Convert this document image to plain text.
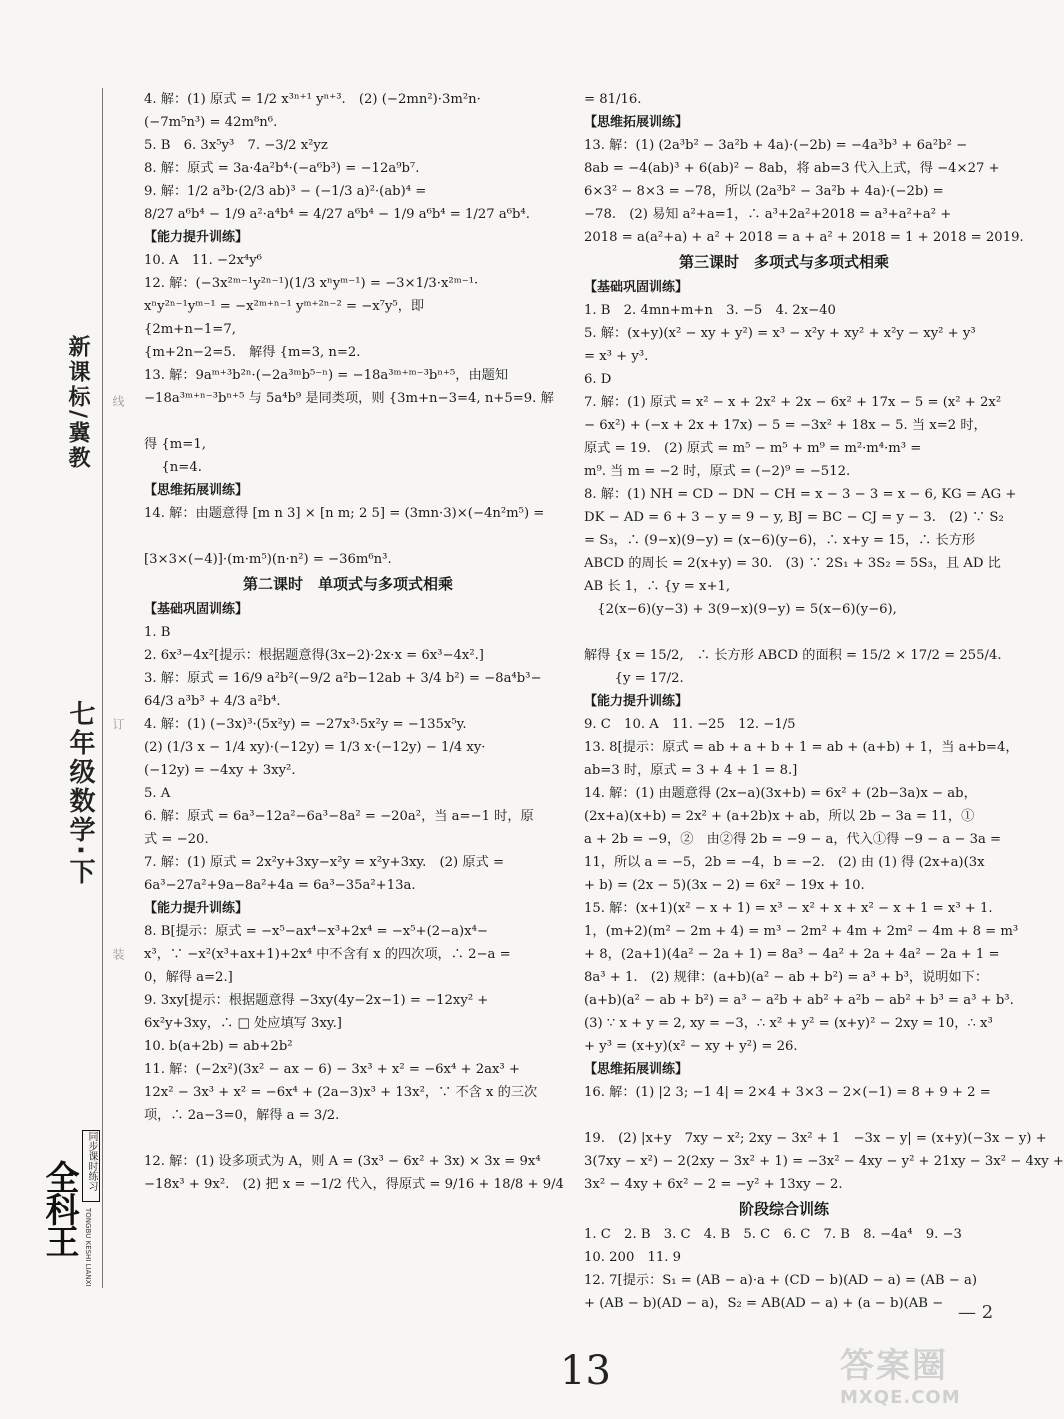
新课标/冀教
七年级数学·下
线
订
装
同步课时练习
TONGBU KESHI LIANXI
全科王
4. 解：(1) 原式 = 1/2 x³ⁿ⁺¹ yⁿ⁺³.　(2) (−2mn²)·3m²n·
(−7m⁵n³) = 42m⁸n⁶.
5. B　6. 3x⁵y³　7. −3/2 x²yz
8. 解：原式 = 3a·4a²b⁴·(−a⁶b³) = −12a⁹b⁷.
9. 解：1/2 a³b·(2/3 ab)³ − (−1/3 a)²·(ab)⁴ =
8/27 a⁶b⁴ − 1/9 a²·a⁴b⁴ = 4/27 a⁶b⁴ − 1/9 a⁶b⁴ = 1/27 a⁶b⁴.
【能力提升训练】
10. A　11. −2x⁴y⁶
12. 解：(−3x²ᵐ⁻¹y²ⁿ⁻¹)(1/3 xⁿyᵐ⁻¹) = −3×1/3·x²ᵐ⁻¹·
xⁿy²ⁿ⁻¹yᵐ⁻¹ = −x²ᵐ⁺ⁿ⁻¹ yᵐ⁺²ⁿ⁻² = −x⁷y⁵，即
{2m+n−1=7,
{m+2n−2=5.　解得 {m=3, n=2.
13. 解：9aᵐ⁺³b²ⁿ·(−2a³ᵐb⁵⁻ⁿ) = −18a³ᵐ⁺ᵐ⁻³bⁿ⁺⁵，由题知
−18a³ᵐ⁺ⁿ⁻³bⁿ⁺⁵ 与 5a⁴b⁹ 是同类项，则 {3m+n−3=4, n+5=9. 解

得 {m=1,
　 {n=4.
【思维拓展训练】
14. 解：由题意得 [m n 3] × [n m; 2 5] = (3mn·3)×(−4n²m⁵) =

[3×3×(−4)]·(m·m⁵)(n·n²) = −36m⁶n³.
第二课时　单项式与多项式相乘
【基础巩固训练】
1. B
2. 6x³−4x²[提示：根据题意得(3x−2)·2x·x = 6x³−4x².]
3. 解：原式 = 16/9 a²b²(−9/2 a²b−12ab + 3/4 b²) = −8a⁴b³−
64/3 a³b³ + 4/3 a²b⁴.
4. 解：(1) (−3x)³·(5x²y) = −27x³·5x²y = −135x⁵y.
(2) (1/3 x − 1/4 xy)·(−12y) = 1/3 x·(−12y) − 1/4 xy·
(−12y) = −4xy + 3xy².
5. A
6. 解：原式 = 6a³−12a²−6a³−8a² = −20a²，当 a=−1 时，原
式 = −20.
7. 解：(1) 原式 = 2x²y+3xy−x²y = x²y+3xy.　(2) 原式 =
6a³−27a²+9a−8a²+4a = 6a³−35a²+13a.
【能力提升训练】
8. B[提示：原式 = −x⁵−ax⁴−x³+2x⁴ = −x⁵+(2−a)x⁴−
x³，∵ −x²(x³+ax+1)+2x⁴ 中不含有 x 的四次项，∴ 2−a =
0，解得 a=2.]
9. 3xy[提示：根据题意得 −3xy(4y−2x−1) = −12xy² +
6x²y+3xy，∴ □ 处应填写 3xy.]
10. b(a+2b) = ab+2b²
11. 解：(−2x²)(3x² − ax − 6) − 3x³ + x² = −6x⁴ + 2ax³ +
12x² − 3x³ + x² = −6x⁴ + (2a−3)x³ + 13x²，∵ 不含 x 的三次
项，∴ 2a−3=0，解得 a = 3/2.

12. 解：(1) 设多项式为 A，则 A = (3x³ − 6x² + 3x) × 3x = 9x⁴
−18x³ + 9x².　(2) 把 x = −1/2 代入，得原式 = 9/16 + 18/8 + 9/4
= 81/16.
【思维拓展训练】
13. 解：(1) (2a³b² − 3a²b + 4a)·(−2b) = −4a³b³ + 6a²b² −
8ab = −4(ab)³ + 6(ab)² − 8ab，将 ab=3 代入上式，得 −4×27 +
6×3² − 8×3 = −78，所以 (2a³b² − 3a²b + 4a)·(−2b) =
−78.　(2) 易知 a²+a=1，∴ a³+2a²+2018 = a³+a²+a² +
2018 = a(a²+a) + a² + 2018 = a + a² + 2018 = 1 + 2018 = 2019.
第三课时　多项式与多项式相乘
【基础巩固训练】
1. B　2. 4mn+m+n　3. −5　4. 2x−40
5. 解：(x+y)(x² − xy + y²) = x³ − x²y + xy² + x²y − xy² + y³
= x³ + y³.
6. D
7. 解：(1) 原式 = x² − x + 2x² + 2x − 6x² + 17x − 5 = (x² + 2x²
− 6x²) + (−x + 2x + 17x) − 5 = −3x² + 18x − 5. 当 x=2 时，
原式 = 19.　(2) 原式 = m⁵ − m⁵ + m⁹ = m²·m⁴·m³ =
m⁹. 当 m = −2 时，原式 = (−2)⁹ = −512.
8. 解：(1) NH = CD − DN − CH = x − 3 − 3 = x − 6, KG = AG +
DK − AD = 6 + 3 − y = 9 − y, BJ = BC − CJ = y − 3.　(2) ∵ S₂
= S₃，∴ (9−x)(9−y) = (x−6)(y−6)，∴ x+y = 15，∴ 长方形
ABCD 的周长 = 2(x+y) = 30.　(3) ∵ 2S₁ + 3S₂ = 5S₃，且 AD 比
AB 长 1，∴ {y = x+1,
　{2(x−6)(y−3) + 3(9−x)(9−y) = 5(x−6)(y−6),

解得 {x = 15/2,　∴ 长方形 ABCD 的面积 = 15/2 × 17/2 = 255/4.
　　 {y = 17/2.
【能力提升训练】
9. C　10. A　11. −25　12. −1/5
13. 8[提示：原式 = ab + a + b + 1 = ab + (a+b) + 1，当 a+b=4，
ab=3 时，原式 = 3 + 4 + 1 = 8.]
14. 解：(1) 由题意得 (2x−a)(3x+b) = 6x² + (2b−3a)x − ab，
(2x+a)(x+b) = 2x² + (a+2b)x + ab，所以 2b − 3a = 11，①
a + 2b = −9，②　由②得 2b = −9 − a，代入①得 −9 − a − 3a =
11，所以 a = −5，2b = −4，b = −2.　(2) 由 (1) 得 (2x+a)(3x
+ b) = (2x − 5)(3x − 2) = 6x² − 19x + 10.
15. 解：(x+1)(x² − x + 1) = x³ − x² + x + x² − x + 1 = x³ + 1.
1，(m+2)(m² − 2m + 4) = m³ − 2m² + 4m + 2m² − 4m + 8 = m³
+ 8，(2a+1)(4a² − 2a + 1) = 8a³ − 4a² + 2a + 4a² − 2a + 1 =
8a³ + 1.　(2) 规律：(a+b)(a² − ab + b²) = a³ + b³，说明如下：
(a+b)(a² − ab + b²) = a³ − a²b + ab² + a²b − ab² + b³ = a³ + b³.
(3) ∵ x + y = 2, xy = −3，∴ x² + y² = (x+y)² − 2xy = 10，∴ x³
+ y³ = (x+y)(x² − xy + y²) = 26.
【思维拓展训练】
16. 解：(1) |2 3; −1 4| = 2×4 + 3×3 − 2×(−1) = 8 + 9 + 2 =

19.　(2) |x+y　7xy − x²; 2xy − 3x² + 1　−3x − y| = (x+y)(−3x − y) +
3(7xy − x²) − 2(2xy − 3x² + 1) = −3x² − 4xy − y² + 21xy − 3x² − 4xy +
3x² − 4xy + 6x² − 2 = −y² + 13xy − 2.
阶段综合训练
1. C　2. B　3. C　4. B　5. C　6. C　7. B　8. −4a⁴　9. −3
10. 200　11. 9
12. 7[提示：S₁ = (AB − a)·a + (CD − b)(AD − a) = (AB − a)
+ (AB − b)(AD − a)，S₂ = AB(AD − a) + (a − b)(AB −
13
— 2
答案圈
MXQE.COM
